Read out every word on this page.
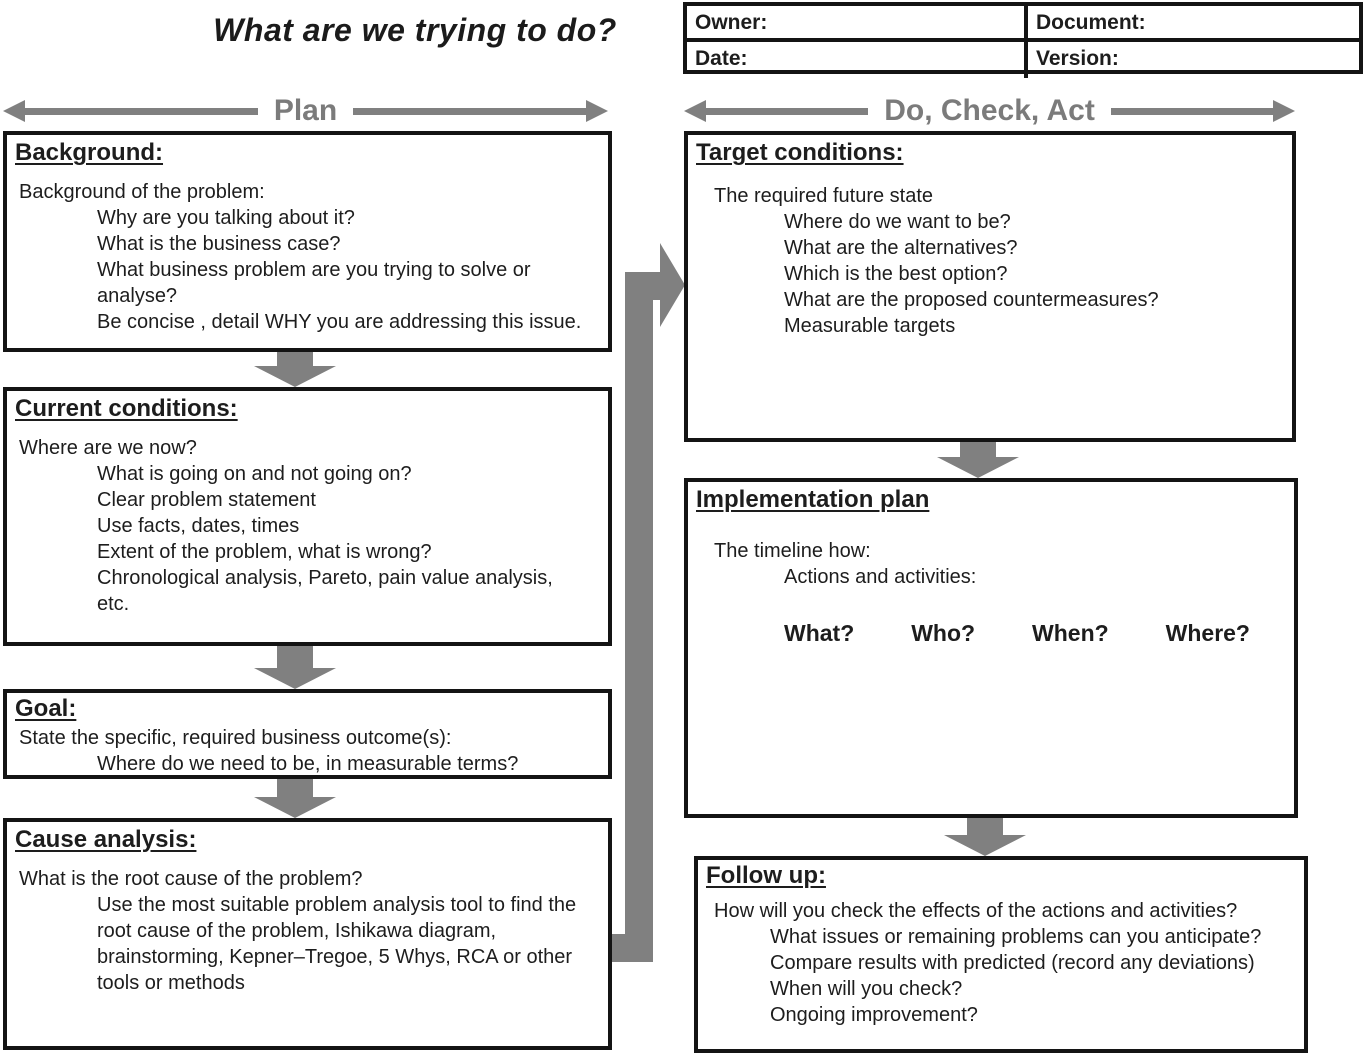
What are we trying to do?	Owner:	Document:
Date:	Version:
Plan	Do, Check, Act
Background:
Background of the problem:
Why are you talking about it?
What is the business case?
What business problem are you trying to solve or analyse?
Be concise , detail WHY you are addressing this issue.
Current conditions:
Where are we now?
What is going on and not going on?
Clear problem statement
Use facts, dates, times
Extent of the problem, what is wrong?
Chronological analysis, Pareto, pain value analysis, etc.
Goal:
State the specific, required business outcome(s):
Where do we need to be, in measurable terms?
Cause analysis:
What is the root cause of the problem?
Use the most suitable problem analysis tool to find the root cause of the problem, Ishikawa diagram, brainstorming, Kepner–Tregoe, 5 Whys, RCA or other tools or methods
Target conditions:
The required future state
Where do we want to be?
What are the alternatives?
Which is the best option?
What are the proposed countermeasures?
Measurable targets
Implementation plan
The timeline how:
Actions and activities:
What? Who? When? Where?
Follow up:
How will you check the effects of the actions and activities?
What issues or remaining problems can you anticipate?
Compare results with predicted (record any deviations)
When will you check?
Ongoing improvement?
